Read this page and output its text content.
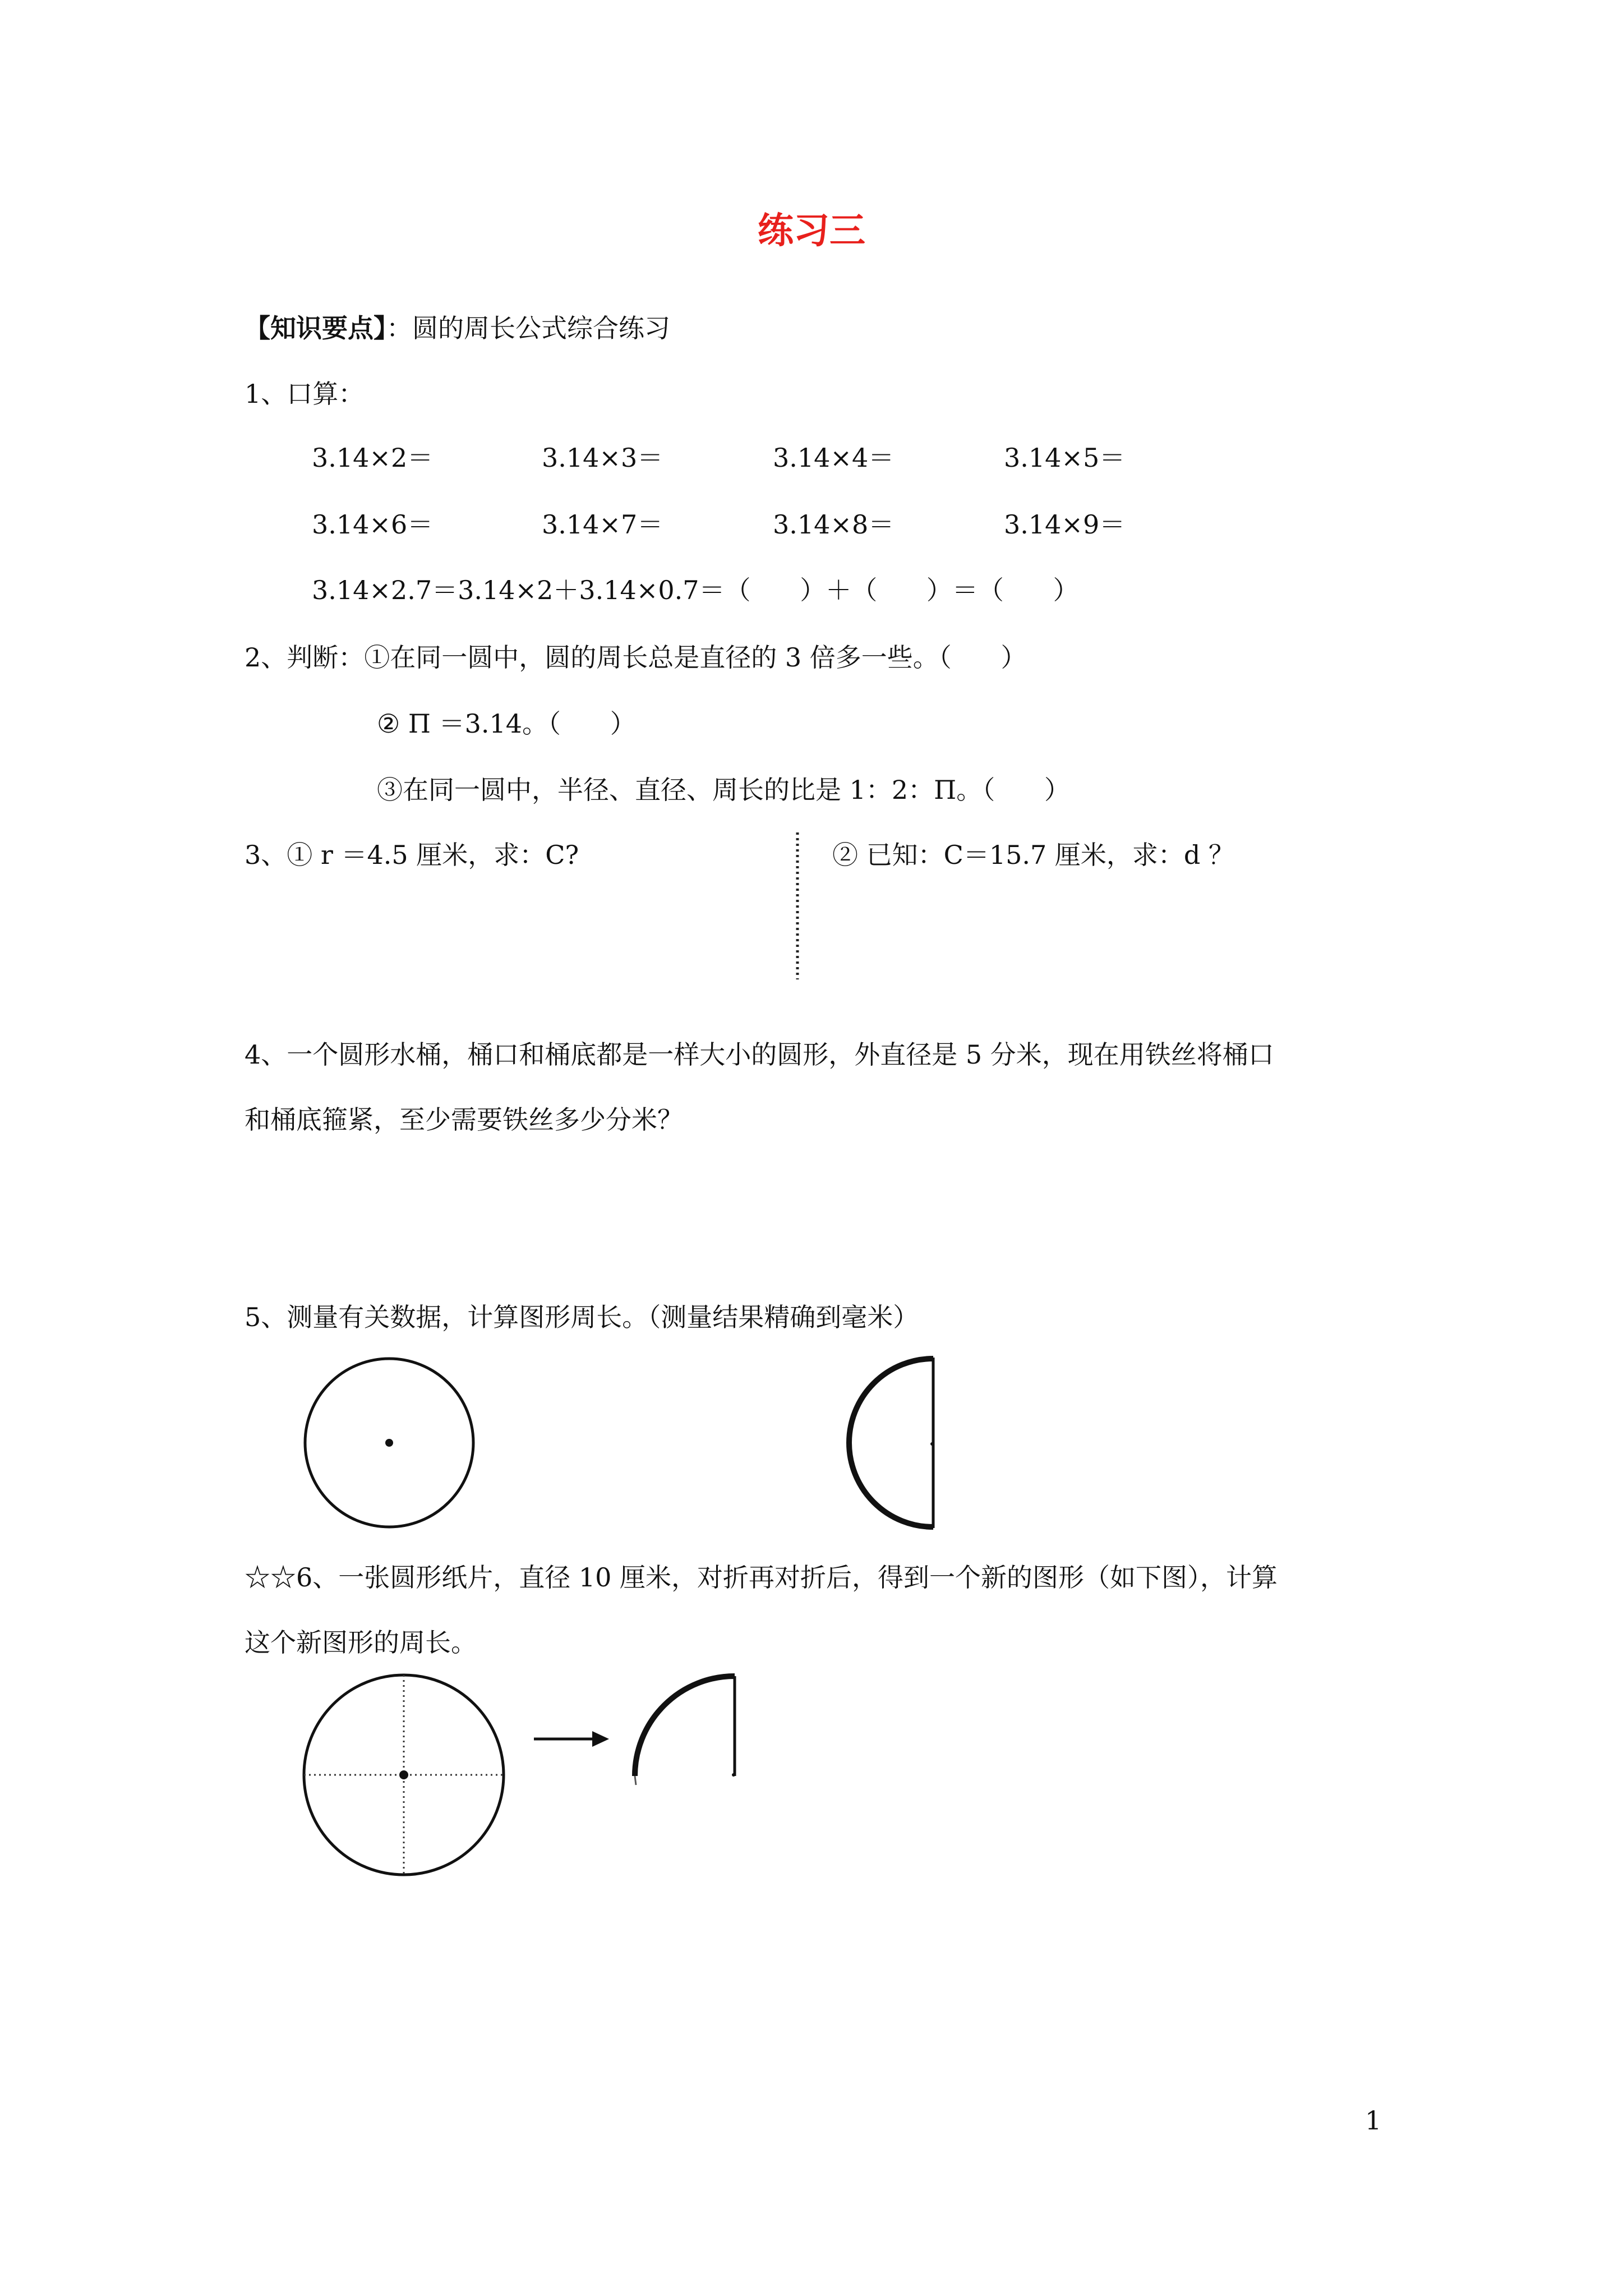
练习三
【知识要点】：圆的周长公式综合练习
1、口算：
3.14×2＝	3.14×3＝	3.14×4＝	3.14×5＝
3.14×6＝	3.14×7＝	3.14×8＝	3.14×9＝
3.14×2.7＝3.14×2＋3.14×0.7＝（      ）＋（      ）＝（      ）
2、判断：①在同一圆中，圆的周长总是直径的 3 倍多一些。（      ）
② Π ＝3.14。（      ）
③在同一圆中，半径、直径、周长的比是 1：2：Π。（      ）
3、① r ＝4.5 厘米，求：C?	② 已知：C＝15.7 厘米，求：d ？
4、一个圆形水桶，桶口和桶底都是一样大小的圆形，外直径是 5 分米，现在用铁丝将桶口
和桶底箍紧，至少需要铁丝多少分米？
5、测量有关数据，计算图形周长。（测量结果精确到毫米）
☆☆6、一张圆形纸片，直径 10 厘米，对折再对折后，得到一个新的图形（如下图），计算
这个新图形的周长。
1
